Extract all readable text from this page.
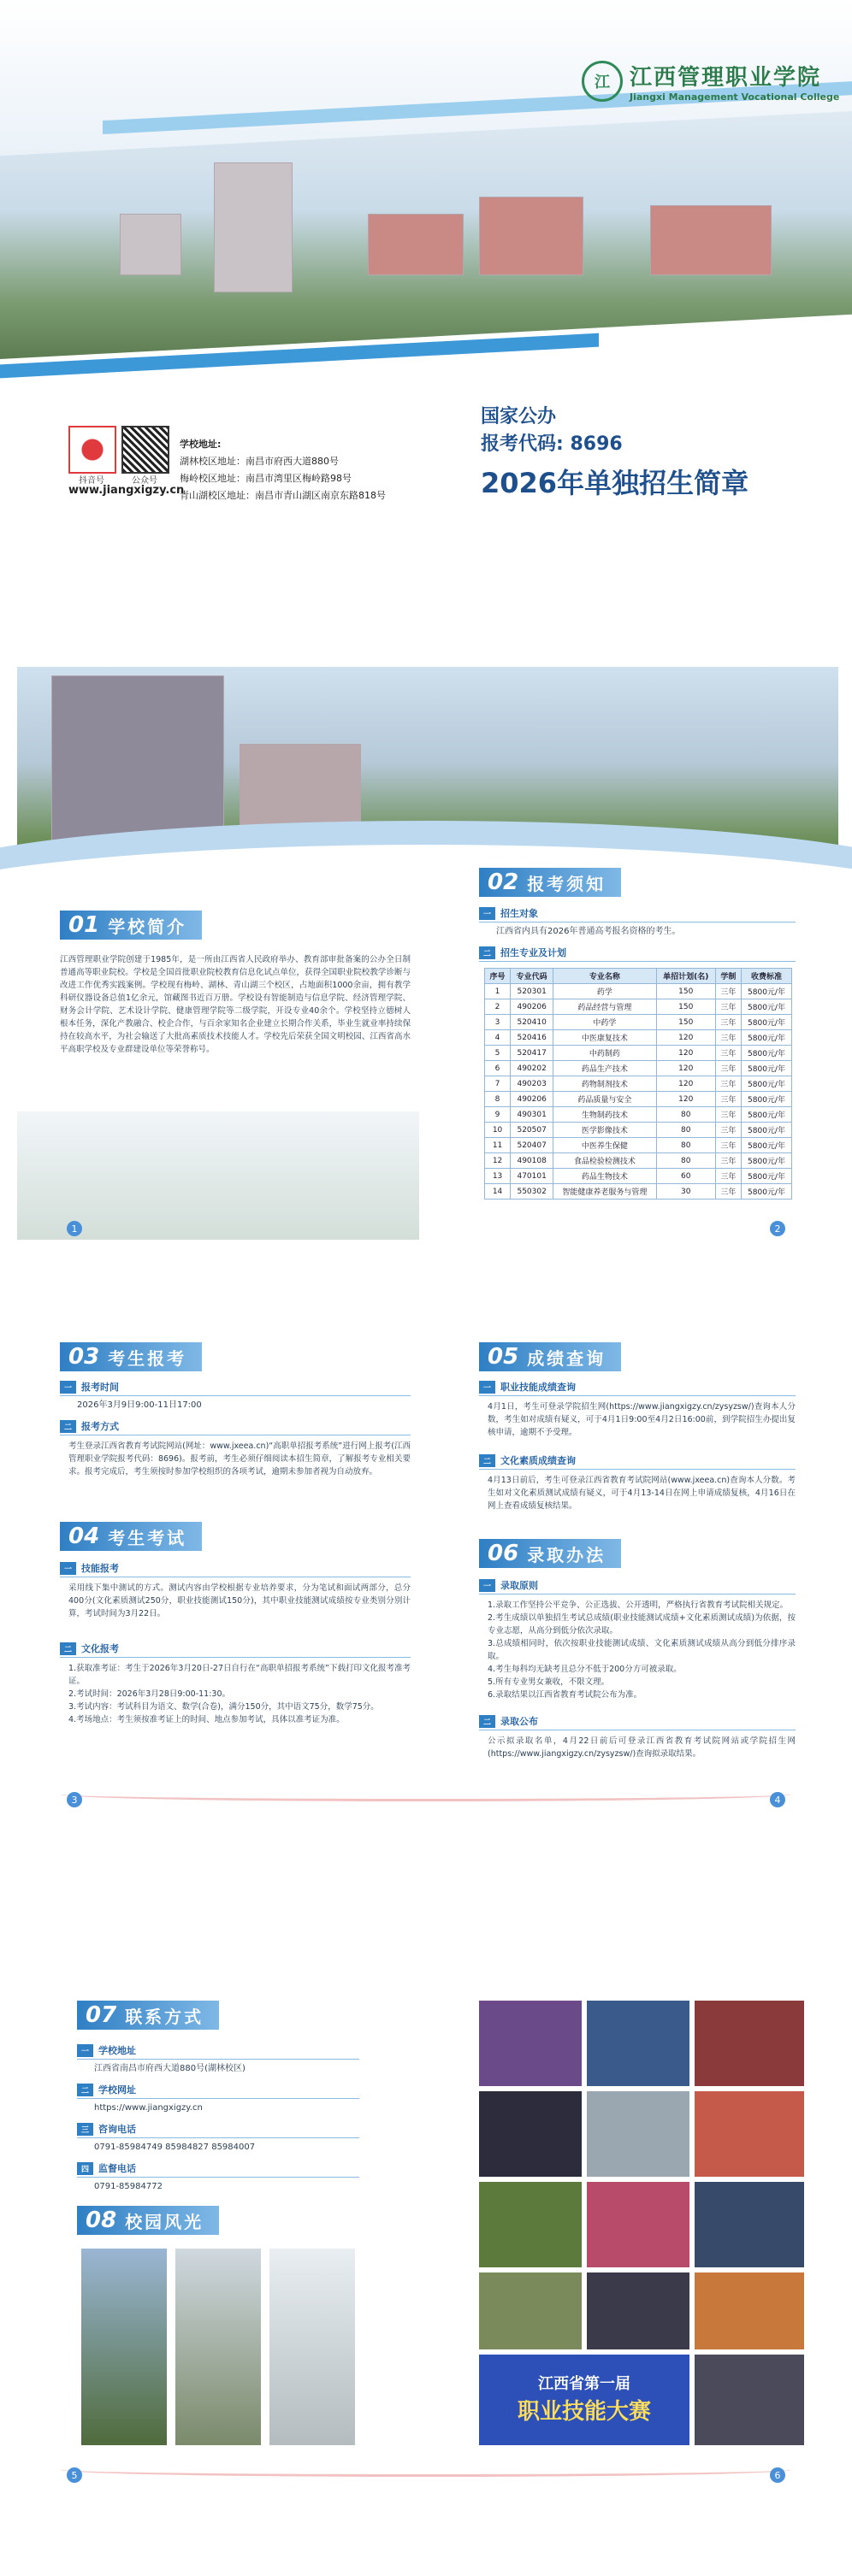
江 江西管理职业学院
Jiangxi Management Vocational College
抖音号	公众号
www.jiangxigzy.cn
学校地址:
湖林校区地址：南昌市府西大道880号
梅岭校区地址：南昌市湾里区梅岭路98号
青山湖校区地址：南昌市青山湖区南京东路818号
国家公办
报考代码: 8696
2026年单独招生简章
01 学校简介
江西管理职业学院创建于1985年，是一所由江西省人民政府举办、教育部审批备案的公办全日制普通高等职业院校。学校是全国首批职业院校教育信息化试点单位，获得全国职业院校教学诊断与改进工作优秀实践案例。学校现有梅岭、湖林、青山湖三个校区，占地面积1000余亩，拥有教学科研仪器设备总值1亿余元，馆藏图书近百万册。学校设有智能制造与信息学院、经济管理学院、财务会计学院、艺术设计学院、健康管理学院等二级学院，开设专业40余个。学校坚持立德树人根本任务，深化产教融合、校企合作，与百余家知名企业建立长期合作关系，毕业生就业率持续保持在较高水平，为社会输送了大批高素质技术技能人才。学校先后荣获全国文明校园、江西省高水平高职学校及专业群建设单位等荣誉称号。
02 报考须知
一	招生对象
江西省内具有2026年普通高考报名资格的考生。
二	招生专业及计划
序号	专业代码	专业名称	单招计划(名)	学制	收费标准
1	520301	药学	150	三年	5800元/年
2	490206	药品经营与管理	150	三年	5800元/年
3	520410	中药学	150	三年	5800元/年
4	520416	中医康复技术	120	三年	5800元/年
5	520417	中药制药	120	三年	5800元/年
6	490202	药品生产技术	120	三年	5800元/年
7	490203	药物制剂技术	120	三年	5800元/年
8	490206	药品质量与安全	120	三年	5800元/年
9	490301	生物制药技术	80	三年	5800元/年
10	520507	医学影像技术	80	三年	5800元/年
11	520407	中医养生保健	80	三年	5800元/年
12	490108	食品检验检测技术	80	三年	5800元/年
13	470101	药品生物技术	60	三年	5800元/年
14	550302	智能健康养老服务与管理	30	三年	5800元/年
1	2
03 考生报考
一	报考时间
2026年3月9日9:00-11日17:00
二	报考方式
考生登录江西省教育考试院网站(网址：www.jxeea.cn)“高职单招报考系统”进行网上报考(江西管理职业学院报考代码：8696)。报考前，考生必须仔细阅读本招生简章，了解报考专业相关要求。报考完成后，考生须按时参加学校组织的各项考试，逾期未参加者视为自动放弃。
04 考生考试
一	技能报考
采用线下集中测试的方式。测试内容由学校根据专业培养要求，分为笔试和面试两部分，总分400分(文化素质测试250分，职业技能测试150分)，其中职业技能测试成绩按专业类别分别计算，考试时间为3月22日。
二	文化报考
1.获取准考证：考生于2026年3月20日-27日自行在“高职单招报考系统”下载打印文化报考准考证。
2.考试时间：2026年3月28日9:00-11:30。
3.考试内容：考试科目为语文、数学(合卷)，满分150分，其中语文75分，数学75分。
4.考场地点：考生须按准考证上的时间、地点参加考试，具体以准考证为准。
05 成绩查询
一	职业技能成绩查询
4月1日，考生可登录学院招生网(https://www.jiangxigzy.cn/zysyzsw/)查询本人分数，考生如对成绩有疑义，可于4月1日9:00至4月2日16:00前，到学院招生办提出复核申请，逾期不予受理。
二	文化素质成绩查询
4月13日前后，考生可登录江西省教育考试院网站(www.jxeea.cn)查询本人分数。考生如对文化素质测试成绩有疑义，可于4月13-14日在网上申请成绩复核，4月16日在网上查看成绩复核结果。
06 录取办法
一	录取原则
1.录取工作坚持公平竞争、公正选拔、公开透明，严格执行省教育考试院相关规定。
2.考生成绩以单独招生考试总成绩(职业技能测试成绩+文化素质测试成绩)为依据，按专业志愿，从高分到低分依次录取。
3.总成绩相同时，依次按职业技能测试成绩、文化素质测试成绩从高分到低分排序录取。
4.考生每科均无缺考且总分不低于200分方可被录取。
5.所有专业男女兼收，不限文理。
6.录取结果以江西省教育考试院公布为准。
二	录取公布
公示拟录取名单，4月22日前后可登录江西省教育考试院网站或学院招生网(https://www.jiangxigzy.cn/zysyzsw/)查询拟录取结果。
3	4
07 联系方式
一	学校地址
江西省南昌市府西大道880号(湖林校区)
二	学校网址
https://www.jiangxigzy.cn
三	咨询电话
0791-85984749 85984827 85984007
四	监督电话
0791-85984772
08 校园风光
江西省第一届
职业技能大赛
5	6
